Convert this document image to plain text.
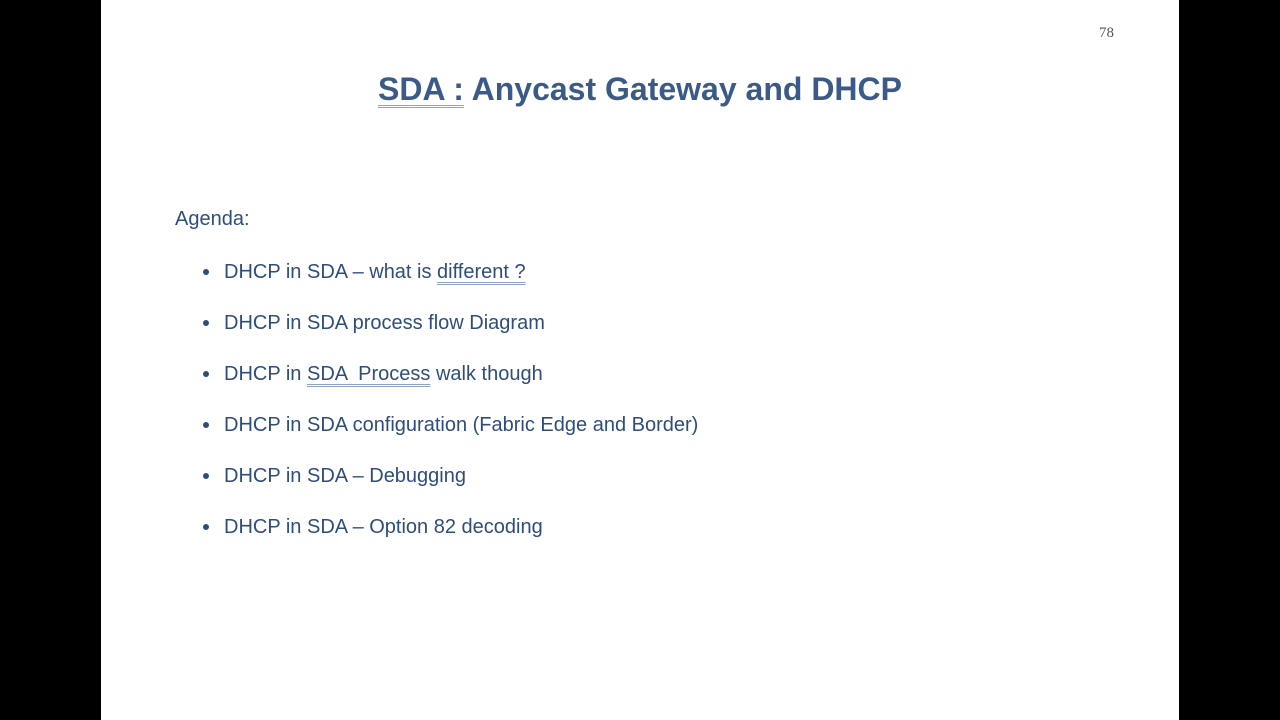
78
SDA : Anycast Gateway and DHCP
Agenda:
DHCP in SDA – what is different ?
DHCP in SDA process flow Diagram
DHCP in SDA  Process walk though
DHCP in SDA configuration (Fabric Edge and Border)
DHCP in SDA – Debugging
DHCP in SDA – Option 82 decoding
